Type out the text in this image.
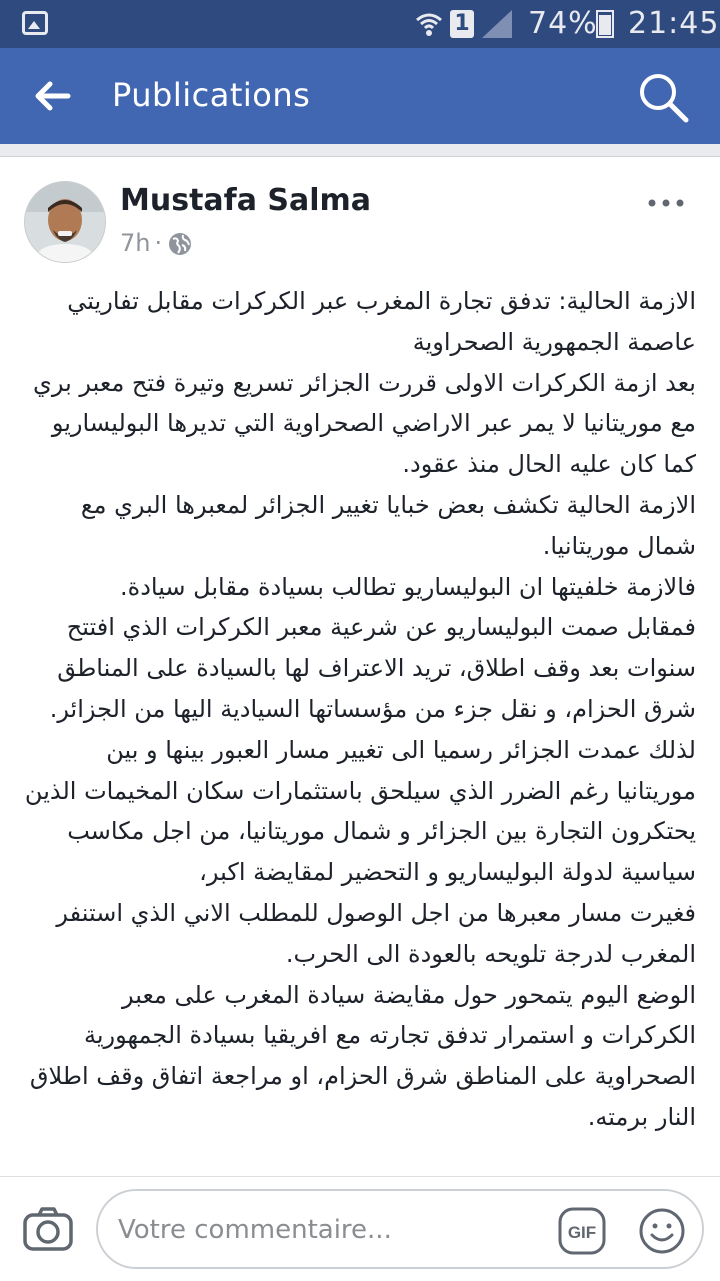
1 74% 21:45
Publications
Mustafa Salma
7h ·

الازمة الحالية: تدفق تجارة المغرب عبر الكركرات مقابل تفاريتي عاصمة الجمهورية الصحراوية

بعد ازمة الكركرات الاولى قررت الجزائر تسريع وتيرة فتح معبر بري مع موريتانيا لا يمر عبر الاراضي الصحراوية التي تديرها البوليساريو كما كان عليه الحال منذ عقود.

الازمة الحالية تكشف بعض خبايا تغيير الجزائر لمعبرها البري مع شمال موريتانيا.

فالازمة خلفيتها ان البوليساريو تطالب بسيادة مقابل سيادة.

فمقابل صمت البوليساريو عن شرعية معبر الكركرات الذي افتتح سنوات بعد وقف اطلاق، تريد الاعتراف لها بالسيادة على المناطق شرق الحزام، و نقل جزء من مؤسساتها السيادية اليها من الجزائر.

لذلك عمدت الجزائر رسميا الى تغيير مسار العبور بينها و بين موريتانيا رغم الضرر الذي سيلحق باستثمارات سكان المخيمات الذين يحتكرون التجارة بين الجزائر و شمال موريتانيا، من اجل مكاسب سياسية لدولة البوليساريو و التحضير لمقايضة اكبر،

فغيرت مسار معبرها من اجل الوصول للمطلب الاني الذي استنفر المغرب لدرجة تلويحه بالعودة الى الحرب.

الوضع اليوم يتمحور حول مقايضة سيادة المغرب على معبر الكركرات و استمرار تدفق تجارته مع افريقيا بسيادة الجمهورية الصحراوية على المناطق شرق الحزام، او مراجعة اتفاق وقف اطلاق النار برمته.

Votre commentaire...
GIF
